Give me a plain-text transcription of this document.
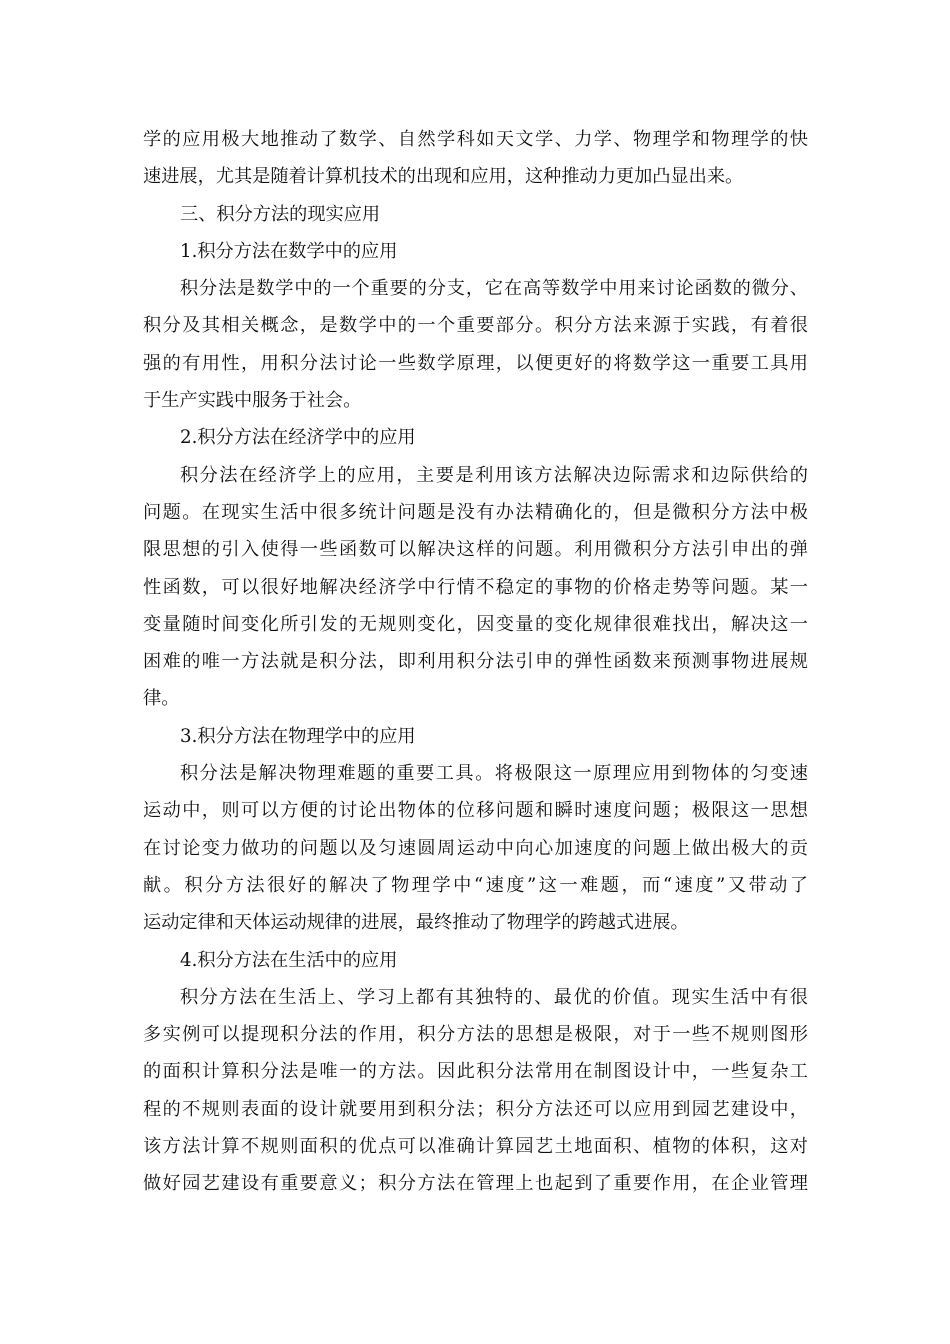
学的应用极大地推动了数学、自然学科如天文学、力学、物理学和物理学的快
速进展，尤其是随着计算机技术的出现和应用，这种推动力更加凸显出来。
三、积分方法的现实应用
1.积分方法在数学中的应用
积分法是数学中的一个重要的分支，它在高等数学中用来讨论函数的微分、
积分及其相关概念，是数学中的一个重要部分。积分方法来源于实践，有着很
强的有用性，用积分法讨论一些数学原理，以便更好的将数学这一重要工具用
于生产实践中服务于社会。
2.积分方法在经济学中的应用
积分法在经济学上的应用，主要是利用该方法解决边际需求和边际供给的
问题。在现实生活中很多统计问题是没有办法精确化的，但是微积分方法中极
限思想的引入使得一些函数可以解决这样的问题。利用微积分方法引申出的弹
性函数，可以很好地解决经济学中行情不稳定的事物的价格走势等问题。某一
变量随时间变化所引发的无规则变化，因变量的变化规律很难找出，解决这一
困难的唯一方法就是积分法，即利用积分法引申的弹性函数来预测事物进展规
律。
3.积分方法在物理学中的应用
积分法是解决物理难题的重要工具。将极限这一原理应用到物体的匀变速
运动中，则可以方便的讨论出物体的位移问题和瞬时速度问题；极限这一思想
在讨论变力做功的问题以及匀速圆周运动中向心加速度的问题上做出极大的贡
献。积分方法很好的解决了物理学中“速度”这一难题，而“速度”又带动了
运动定律和天体运动规律的进展，最终推动了物理学的跨越式进展。
4.积分方法在生活中的应用
积分方法在生活上、学习上都有其独特的、最优的价值。现实生活中有很
多实例可以提现积分法的作用，积分方法的思想是极限，对于一些不规则图形
的面积计算积分法是唯一的方法。因此积分法常用在制图设计中，一些复杂工
程的不规则表面的设计就要用到积分法；积分方法还可以应用到园艺建设中，
该方法计算不规则面积的优点可以准确计算园艺土地面积、植物的体积，这对
做好园艺建设有重要意义；积分方法在管理上也起到了重要作用，在企业管理
